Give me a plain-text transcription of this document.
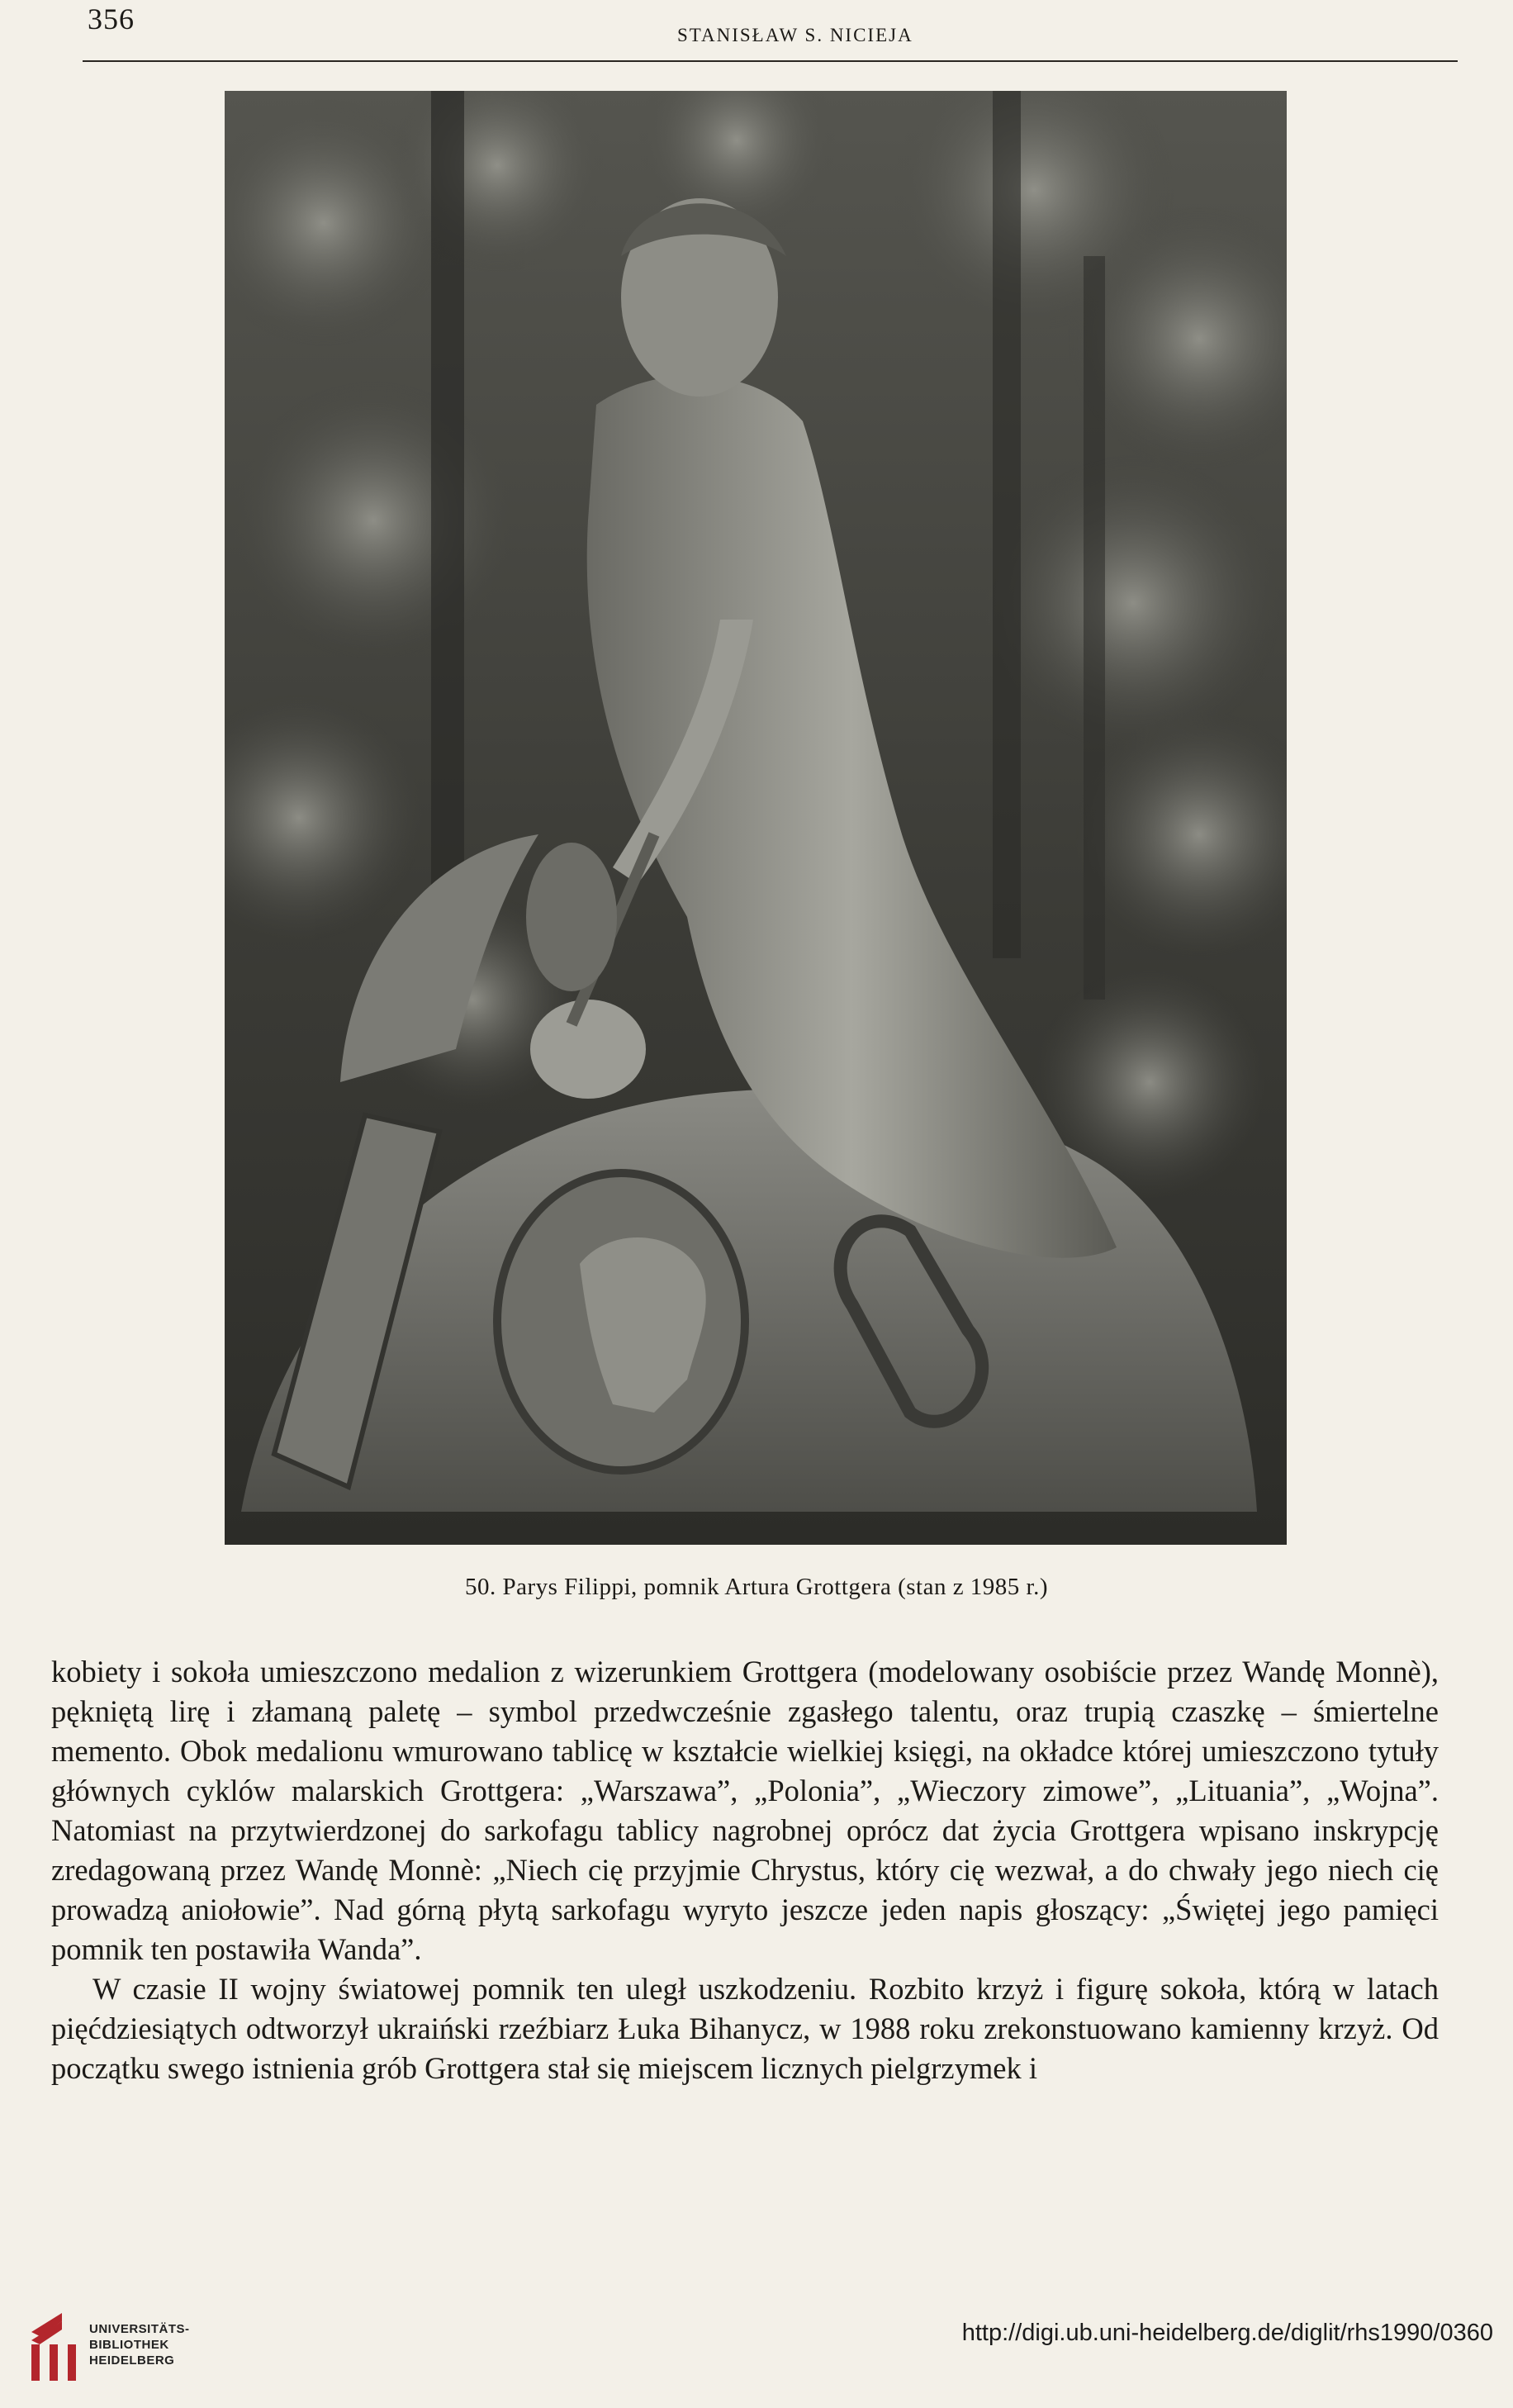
356	STANISŁAW S. NICIEJA
50. Parys Filippi, pomnik Artura Grottgera (stan z 1985 r.)

kobiety i sokoła umieszczono medalion z wizerunkiem Grottgera (modelowany osobiście przez Wandę Monnè), pękniętą lirę i złamaną paletę – symbol przedwcześnie zgasłego talentu, oraz trupią czaszkę – śmiertelne memento. Obok medalionu wmurowano tablicę w kształcie wielkiej księgi, na okładce której umieszczono tytuły głównych cyklów malarskich Grottgera: „Warszawa”, „Polonia”, „Wieczory zimowe”, „Lituania”, „Wojna”. Natomiast na przytwierdzonej do sarkofagu tablicy nagrobnej oprócz dat życia Grottgera wpisano inskrypcję zredagowaną przez Wandę Monnè: „Niech cię przyjmie Chrystus, który cię wezwał, a do chwały jego niech cię prowadzą aniołowie”. Nad górną płytą sarkofagu wyryto jeszcze jeden napis głoszący: „Świętej jego pamięci pomnik ten postawiła Wanda”.

W czasie II wojny światowej pomnik ten uległ uszkodzeniu. Rozbito krzyż i figurę sokoła, którą w latach pięćdziesiątych odtworzył ukraiński rzeźbiarz Łuka Bihanycz, w 1988 roku zrekonstuowano kamienny krzyż. Od początku swego istnienia grób Grottgera stał się miejscem licznych pielgrzymek i

UNIVERSITÄTS-
BIBLIOTHEK
HEIDELBERG
http://digi.ub.uni-heidelberg.de/diglit/rhs1990/0360
